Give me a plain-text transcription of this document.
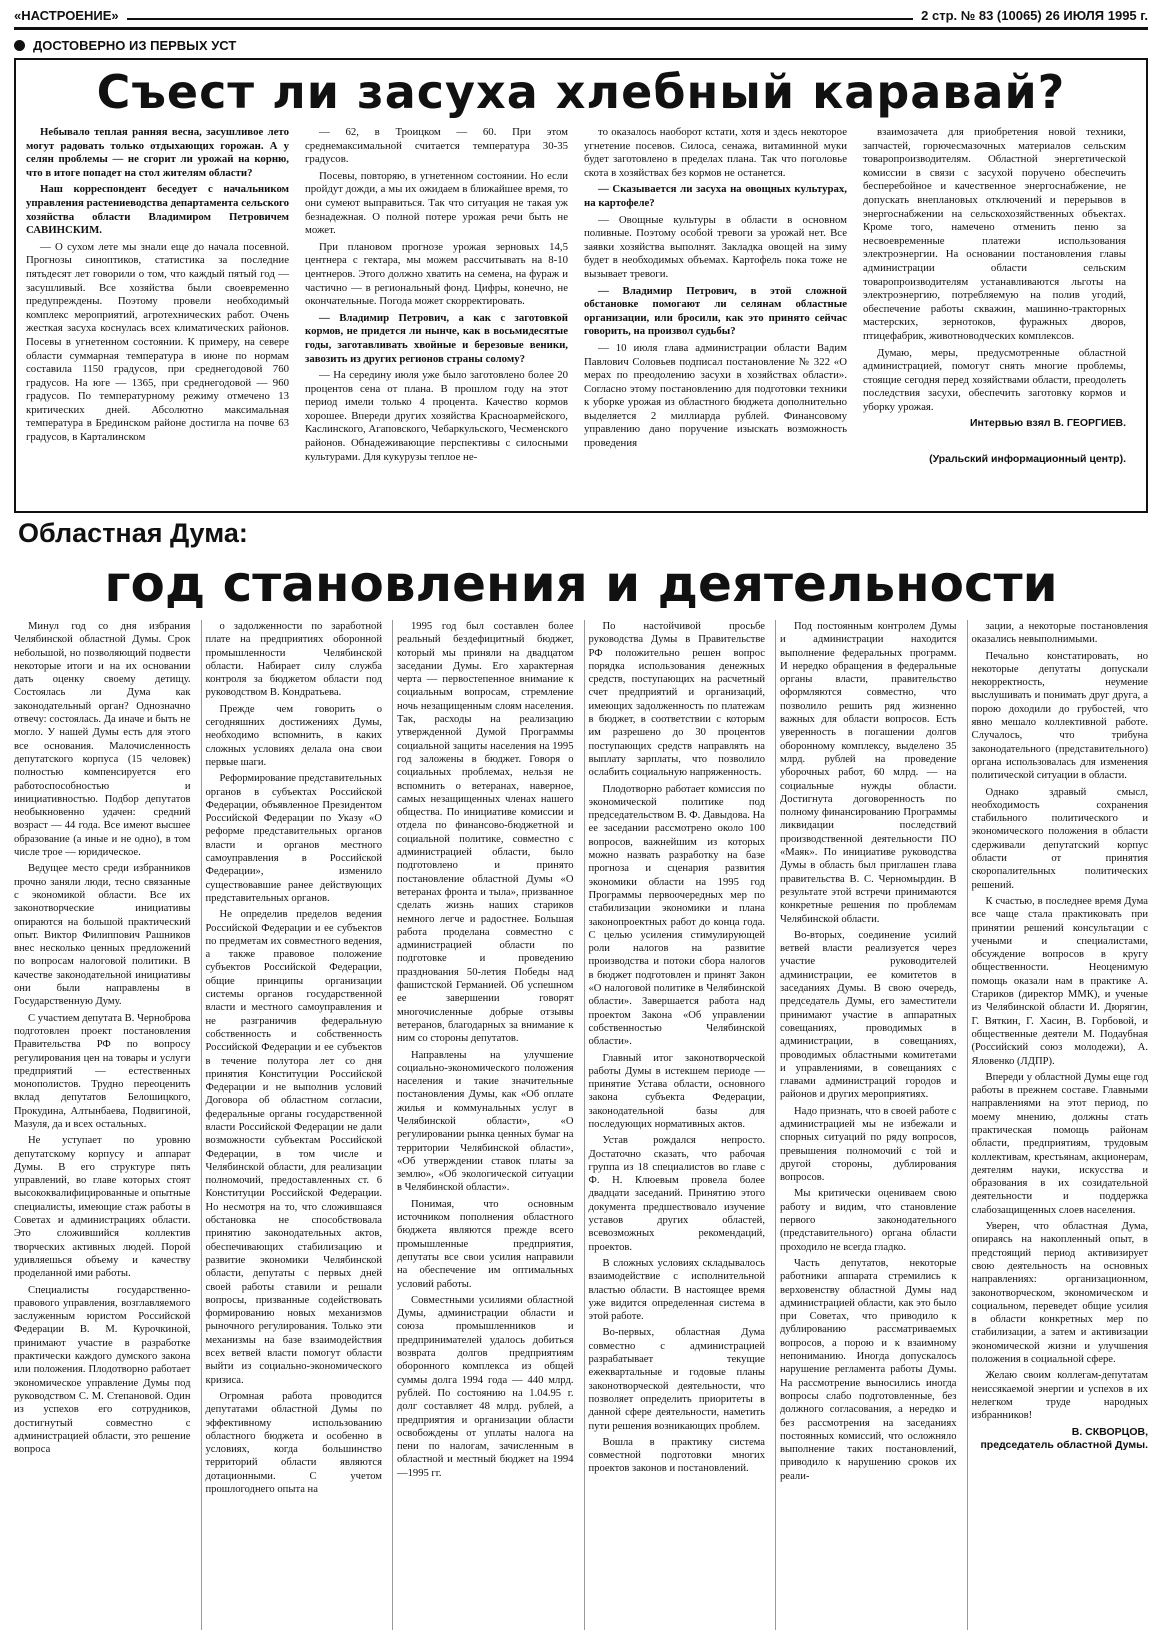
«НАСТРОЕНИЕ»	2 стр. № 83 (10065) 26 ИЮЛЯ 1995 г.
ДОСТОВЕРНО ИЗ ПЕРВЫХ УСТ
Съест ли засуха хлебный каравай?

Небывало теплая ранняя весна, засушливое лето могут радовать только отдыхающих горожан. А у селян проблемы — не сгорит ли урожай на корню, что в итоге попадет на стол жителям области?

Наш корреспондент беседует с начальником управления растениеводства департамента сельского хозяйства области Владимиром Петровичем САВИНСКИМ.

— О сухом лете мы знали еще до начала посевной. Прогнозы синоптиков, статистика за последние пятьдесят лет говорили о том, что каждый пятый год — засушливый. Все хозяйства были своевременно предупреждены. Поэтому провели необходимый комплекс мероприятий, агротехнических работ. Очень жесткая засуха коснулась всех климатических районов. Посевы в угнетенном состоянии. К примеру, на севере области суммарная температура в июне по нормам составила 1150 градусов, при среднегодовой 760 градусов. На юге — 1365, при среднегодовой — 960 градусов. По температурному режиму отмечено 13 критических дней. Абсолютно максимальная температура в Брединском районе достигла на почве 63 градусов, в Карталинском

— 62, в Троицком — 60. При этом среднемаксимальной считается температура 30-35 градусов.

Посевы, повторяю, в угнетенном состоянии. Но если пройдут дожди, а мы их ожидаем в ближайшее время, то они сумеют выправиться. Так что ситуация не такая уж безнадежная. О полной потере урожая речи быть не может.

При плановом прогнозе урожая зерновых 14,5 центнера с гектара, мы можем рассчитывать на 8-10 центнеров. Этого должно хватить на семена, на фураж и частично — в региональный фонд. Цифры, конечно, не окончательные. Погода может скорректировать.

— Владимир Петрович, а как с заготовкой кормов, не придется ли нынче, как в восьмидесятые годы, заготавливать хвойные и березовые веники, завозить из других регионов страны солому?

— На середину июля уже было заготовлено более 20 процентов сена от плана. В прошлом году на этот период имели только 4 процента. Качество кормов хорошее. Впереди других хозяйства Красноармейского, Каслинского, Агаповского, Чебаркульского, Чесменского районов. Обнадеживающие перспективы с силосными культурами. Для кукурузы теплое не-

то оказалось наоборот кстати, хотя и здесь некоторое угнетение посевов. Силоса, сенажа, витаминной муки будет заготовлено в пределах плана. Так что поголовье скота в хозяйствах без кормов не останется.

— Сказывается ли засуха на овощных культурах, на картофеле?

— Овощные культуры в области в основном поливные. Поэтому особой тревоги за урожай нет. Все заявки хозяйства выполнят. Закладка овощей на зиму будет в необходимых объемах. Картофель пока тоже не вызывает тревоги.

— Владимир Петрович, в этой сложной обстановке помогают ли селянам областные организации, или бросили, как это принято сейчас говорить, на произвол судьбы?

— 10 июля глава администрации области Вадим Павлович Соловьев подписал постановление № 322 «О мерах по преодолению засухи в хозяйствах области». Согласно этому постановлению для подготовки техники к уборке урожая из областного бюджета дополнительно выделяется 2 миллиарда рублей. Финансовому управлению дано поручение изыскать возможность проведения

взаимозачета для приобретения новой техники, запчастей, горючесмазочных материалов сельским товаропроизводителям. Областной энергетической комиссии в связи с засухой поручено обеспечить бесперебойное и качественное энергоснабжение, не допускать внеплановых отключений и перерывов в энергоснабжении на сельскохозяйственных объектах. Кроме того, намечено отменить пеню за несвоевременные платежи использования электроэнергии. На основании постановления главы администрации области сельским товаропроизводителям устанавливаются льготы на электроэнергию, потребляемую на полив угодий, обеспечение работы скважин, машинно-тракторных мастерских, зернотоков, фуражных дворов, птицефабрик, животноводческих комплексов.

Думаю, меры, предусмотренные областной администрацией, помогут снять многие проблемы, стоящие сегодня перед хозяйствами области, преодолеть последствия засухи, обеспечить заготовку кормов и уборку урожая.

Интервью взял В. ГЕОРГИЕВ.
(Уральский информационный центр).
Областная Дума:
год становления и деятельности

Минул год со дня избрания Челябинской областной Думы. Срок небольшой, но позволяющий подвести некоторые итоги и на их основании дать оценку своему детищу. Состоялась ли Дума как законодательный орган? Однозначно отвечу: состоялась. Да иначе и быть не могло. У нашей Думы есть для этого все основания. Малочисленность депутатского корпуса (15 человек) полностью компенсируется его работоспособностью и инициативностью. Подбор депутатов необыкновенно удачен: средний возраст — 44 года. Все имеют высшее образование (а иные и не одно), в том числе трое — юридическое.

Ведущее место среди избранников прочно заняли люди, тесно связанные с экономикой области. Все их законотворческие инициативы опираются на большой практический опыт. Виктор Филиппович Рашников внес несколько ценных предложений по вопросам налоговой политики. В качестве законодательной инициативы они были направлены в Государственную Думу.

С участием депутата В. Черноброва подготовлен проект постановления Правительства РФ по вопросу регулирования цен на товары и услуги предприятий — естественных монополистов. Трудно переоценить вклад депутатов Белошицкого, Прокудина, Алтынбаева, Подвигиной, Мазуля, да и всех остальных.

Не уступает по уровню депутатскому корпусу и аппарат Думы. В его структуре пять управлений, во главе которых стоят высококвалифицированные и опытные специалисты, имеющие стаж работы в Советах и администрациях области. Это сложившийся коллектив творческих активных людей. Порой удивляешься объему и качеству проделанной ими работы.

Специалисты государственно-правового управления, возглавляемого заслуженным юристом Российской Федерации В. М. Курочкиной, принимают участие в разработке практически каждого думского закона или положения. Плодотворно работает экономическое управление Думы под руководством С. М. Степановой. Один из успехов его сотрудников, достигнутый совместно с администрацией области, это решение вопроса

о задолженности по заработной плате на предприятиях оборонной промышленности Челябинской области. Набирает силу служба контроля за бюджетом области под руководством В. Кондратьева.

Прежде чем говорить о сегодняшних достижениях Думы, необходимо вспомнить, в каких сложных условиях делала она свои первые шаги.

Реформирование представительных органов в субъектах Российской Федерации, объявленное Президентом Российской Федерации по Указу «О реформе представительных органов власти и органов местного самоуправления в Российской Федерации», изменило существовавшие ранее действующих представительных органов.

Не определив пределов ведения Российской Федерации и ее субъектов по предметам их совместного ведения, а также правовое положение субъектов Российской Федерации, общие принципы организации системы органов государственной власти и местного самоуправления и не разграничив федеральную собственность и собственность Российской Федерации и ее субъектов в течение полутора лет со дня принятия Конституции Российской Федерации и не выполнив условий Договора об областном согласии, федеральные органы государственной власти Российской Федерации не дали возможности субъектам Российской Федерации, в том числе и Челябинской области, для реализации полномочий, предоставленных ст. 6 Конституции Российской Федерации. Но несмотря на то, что сложившаяся обстановка не способствовала принятию законодательных актов, обеспечивающих стабилизацию и развитие экономики Челябинской области, депутаты с первых дней своей работы ставили и решали вопросы, призванные содействовать формированию новых механизмов рыночного регулирования. Только эти механизмы на базе взаимодействия всех ветвей власти помогут области выйти из социально-экономического кризиса.

Огромная работа проводится депутатами областной Думы по эффективному использованию областного бюджета и особенно в условиях, когда большинство территорий области являются дотационными. С учетом прошлогоднего опыта на

1995 год был составлен более реальный бездефицитный бюджет, который мы приняли на двадцатом заседании Думы. Его характерная черта — первостепенное внимание к социальным вопросам, стремление ночь незащищенным слоям населения. Так, расходы на реализацию утвержденной Думой Программы социальной защиты населения на 1995 год заложены в бюджет. Говоря о социальных проблемах, нельзя не вспомнить о ветеранах, наверное, самых незащищенных членах нашего общества. По инициативе комиссии и отдела по финансово-бюджетной и социальной политике, совместно с администрацией области, было подготовлено и принято постановление областной Думы «О ветеранах фронта и тыла», призванное сделать жизнь наших стариков немного легче и радостнее. Большая работа проделана совместно с администрацией области по подготовке и проведению празднования 50-летия Победы над фашистской Германией. Об успешном ее завершении говорят многочисленные добрые отзывы ветеранов, благодарных за внимание к ним со стороны депутатов.

Направлены на улучшение социально-экономического положения населения и такие значительные постановления Думы, как «Об оплате жилья и коммунальных услуг в Челябинской области», «О регулировании рынка ценных бумаг на территории Челябинской области», «Об утверждении ставок платы за землю», «Об экологической ситуации в Челябинской области».

Понимая, что основным источником пополнения областного бюджета являются прежде всего промышленные предприятия, депутаты все свои усилия направили на обеспечение им оптимальных условий работы.

Совместными усилиями областной Думы, администрации области и союза промышленников и предпринимателей удалось добиться возврата долгов предприятиям оборонного комплекса из общей суммы долга 1994 года — 440 млрд. рублей. По состоянию на 1.04.95 г. долг составляет 48 млрд. рублей, а предприятия и организации области освобождены от уплаты налога на пени по налогам, зачисленным в областной и местный бюджет на 1994—1995 гг.

По настойчивой просьбе руководства Думы в Правительстве РФ положительно решен вопрос порядка использования денежных средств, поступающих на расчетный счет предприятий и организаций, имеющих задолженность по платежам в бюджет, в соответствии с которым им разрешено до 30 процентов поступающих средств направлять на выплату зарплаты, что позволило ослабить социальную напряженность.

Плодотворно работает комиссия по экономической политике под председательством В. Ф. Давыдова. На ее заседании рассмотрено около 100 вопросов, важнейшим из которых можно назвать разработку на базе прогноза и сценария развития экономики области на 1995 год Программы первоочередных мер по стабилизации экономики и плана законопроектных работ до конца года. С целью усиления стимулирующей роли налогов на развитие производства и потоки сбора налогов в бюджет подготовлен и принят Закон «О налоговой политике в Челябинской области». Завершается работа над проектом Закона «Об управлении собственностью Челябинской области».

Главный итог законотворческой работы Думы в истекшем периоде — принятие Устава области, основного закона субъекта Федерации, законодательной базы для последующих нормативных актов.

Устав рождался непросто. Достаточно сказать, что рабочая группа из 18 специалистов во главе с Ф. Н. Клюевым провела более двадцати заседаний. Принятию этого документа предшествовало изучение уставов других областей, всевозможных рекомендаций, проектов.

В сложных условиях складывалось взаимодействие с исполнительной властью области. В настоящее время уже видится определенная система в этой работе.

Во-первых, областная Дума совместно с администрацией разрабатывает текущие ежеквартальные и годовые планы законотворческой деятельности, что позволяет определить приоритеты в данной сфере деятельности, наметить пути решения возникающих проблем.

Вошла в практику система совместной подготовки многих проектов законов и постановлений.

Под постоянным контролем Думы и администрации находится выполнение федеральных программ. И нередко обращения в федеральные органы власти, правительство оформляются совместно, что позволило решить ряд жизненно важных для области вопросов. Есть уверенность в погашении долгов оборонному комплексу, выделено 35 млрд. рублей на проведение уборочных работ, 60 млрд. — на социальные нужды области. Достигнута договоренность по полному финансированию Программы ликвидации последствий производственной деятельности ПО «Маяк». По инициативе руководства Думы в область был приглашен глава правительства В. С. Черномырдин. В результате этой встречи принимаются конкретные решения по проблемам Челябинской области.

Во-вторых, соединение усилий ветвей власти реализуется через участие руководителей администрации, ее комитетов в заседаниях Думы. В свою очередь, председатель Думы, его заместители принимают участие в аппаратных совещаниях, проводимых в администрации, в совещаниях, проводимых областными комитетами и управлениями, в совещаниях с главами администраций городов и районов и других мероприятиях.

Надо признать, что в своей работе с администрацией мы не избежали и спорных ситуаций по ряду вопросов, превышения полномочий с той и другой стороны, дублирования вопросов.

Мы критически оцениваем свою работу и видим, что становление первого законодательного (представительного) органа области проходило не всегда гладко.

Часть депутатов, некоторые работники аппарата стремились к верховенству областной Думы над администрацией области, как это было при Советах, что приводило к дублированию рассматриваемых вопросов, а порою и к взаимному непониманию. Иногда допускалось нарушение регламента работы Думы. На рассмотрение выносились иногда вопросы слабо подготовленные, без должного согласования, а нередко и без рассмотрения на заседаниях постоянных комиссий, что осложняло выполнение таких постановлений, приводило к нарушению сроков их реали-

зации, а некоторые постановления оказались невыполнимыми.

Печально констатировать, но некоторые депутаты допускали некорректность, неумение выслушивать и понимать друг друга, а порою доходили до грубостей, что явно мешало коллективной работе. Случалось, что трибуна законодательного (представительного) органа использовалась для изменения политической ситуации в области.

Однако здравый смысл, необходимость сохранения стабильного политического и экономического положения в области сдерживали депутатский корпус области от принятия скоропалительных политических решений.

К счастью, в последнее время Дума все чаще стала практиковать при принятии решений консультации с учеными и специалистами, обсуждение вопросов в кругу общественности. Неоценимую помощь оказали нам в практике А. Стариков (директор ММК), и ученые из Челябинской области И. Дюрягин, Г. Вяткин, Г. Хасин, В. Горбовой, и общественные деятели М. Подаубная (Российский союз молодежи), А. Яловенко (ЛДПР).

Впереди у областной Думы еще год работы в прежнем составе. Главными направлениями на этот период, по моему мнению, должны стать практическая помощь районам области, предприятиям, трудовым коллективам, крестьянам, акционерам, деятелям науки, искусства и образования в их созидательной деятельности и поддержка слабозащищенных слоев населения.

Уверен, что областная Дума, опираясь на накопленный опыт, в предстоящий период активизирует свою деятельность на основных направлениях: организационном, законотворческом, экономическом и социальном, переведет общие усилия в области конкретных мер по стабилизации, а затем и активизации экономической жизни и улучшения положения в социальной сфере.

Желаю своим коллегам-депутатам неиссякаемой энергии и успехов в их нелегком труде народных избранников!

В. СКВОРЦОВ,
председатель областной Думы.
